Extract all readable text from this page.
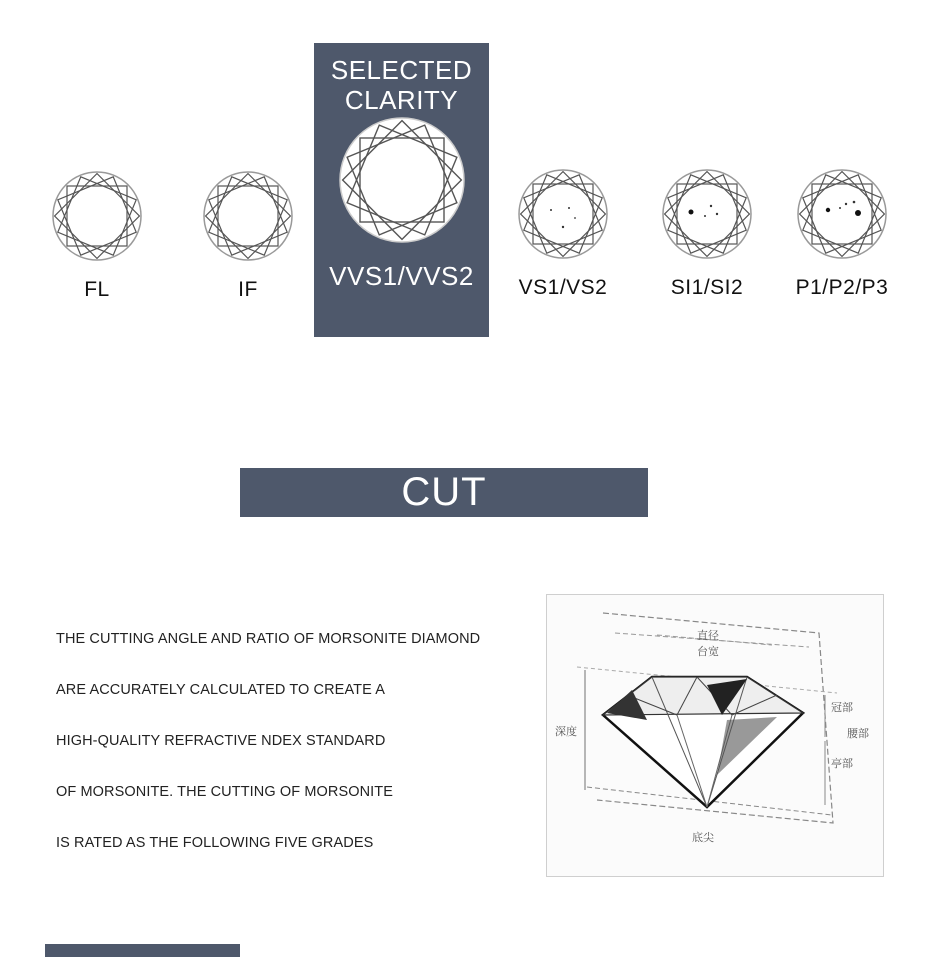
FL	IF
SELECTED
CLARITY
VVS1/VVS2	VS1/VS2	SI1/SI2	P1/P2/P3
CUT

THE CUTTING ANGLE AND RATIO OF MORSONITE DIAMOND

ARE ACCURATELY CALCULATED TO CREATE A

HIGH-QUALITY REFRACTIVE NDEX STANDARD

OF MORSONITE. THE CUTTING OF MORSONITE

IS RATED AS THE FOLLOWING FIVE GRADES

直径
台宽
深度
冠部
腰部
亭部
底尖
